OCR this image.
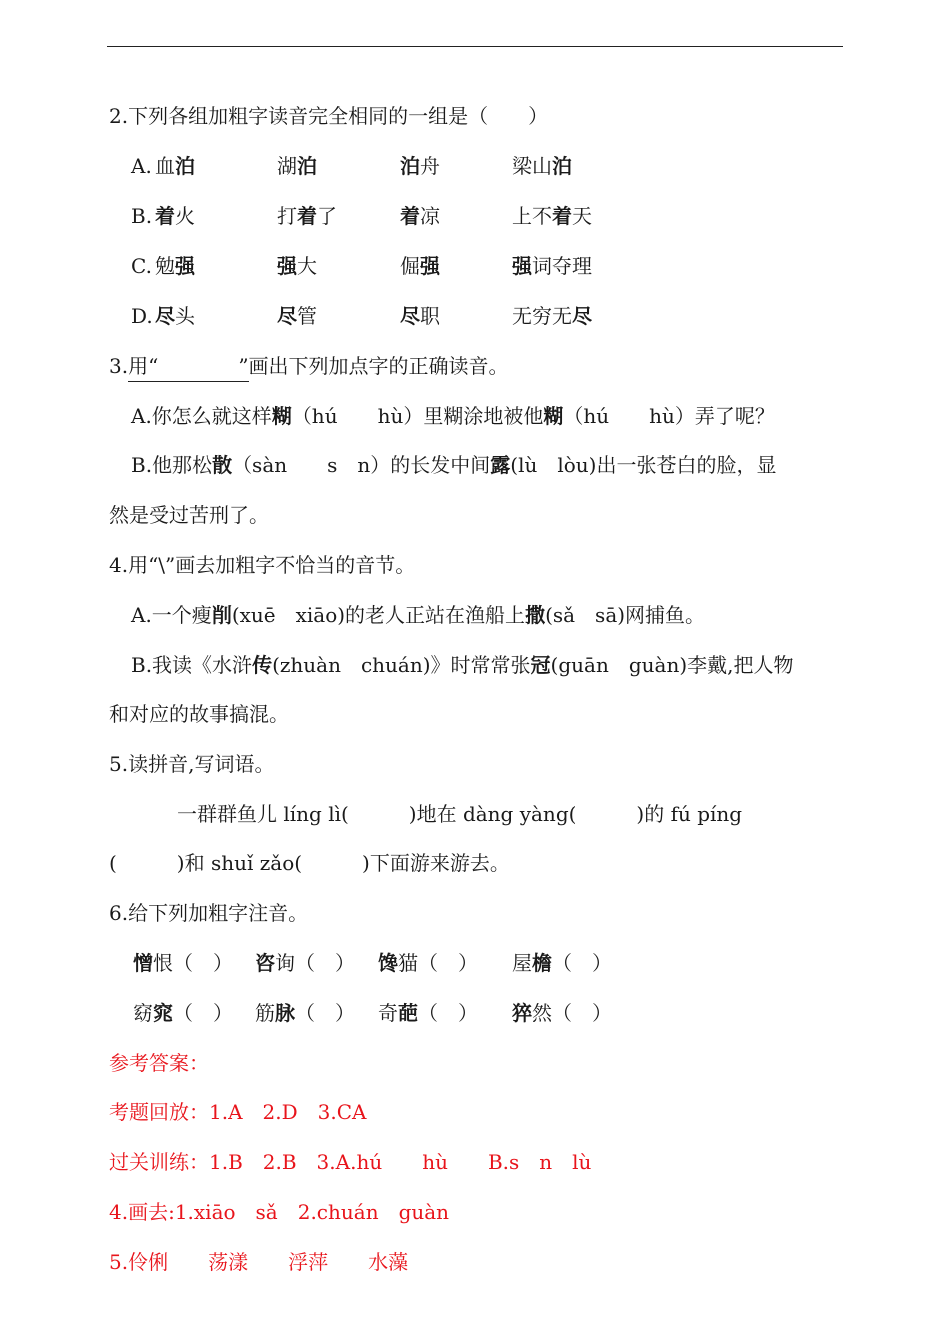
2.下列各组加粗字读音完全相同的一组是（　　）
A. 血泊	湖泊	泊舟	梁山泊
B. 着火	打着了	着凉	上不着天
C. 勉强	强大	倔强	强词夺理
D. 尽头	尽管	尽职	无穷无尽
3.用“　　　　”画出下列加点字的正确读音。
A.你怎么就这样糊（hú　　hù）里糊涂地被他糊（hú　　hù）弄了呢？
B.他那松散（sàn　　s　n）的长发中间露(lù　lòu)出一张苍白的脸，显
然是受过苦刑了。
4.用“\”画去加粗字不恰当的音节。
A.一个瘦削(xuē　xiāo)的老人正站在渔船上撒(sǎ　sā)网捕鱼。
B.我读《水浒传(zhuàn　chuán)》时常常张冠(guān　guàn)李戴,把人物
和对应的故事搞混。
5.读拼音,写词语。
一群群鱼儿 líng lì(　　　)地在 dàng yàng(　　　)的 fú píng
(　　　)和 shuǐ zǎo(　　　)下面游来游去。
6.给下列加粗字注音。
憎恨（　） 咨询（　） 馋猫（　） 屋檐（　）
窈窕（　） 筋脉（　） 奇葩（　） 猝然（　）
参考答案：
考题回放：1.A　2.D　3.CA
过关训练：1.B　2.B　3.A.hú　　hù　　B.s　n　lù
4.画去:1.xiāo　sǎ　2.chuán　guàn
5.伶俐　　荡漾　　浮萍　　水藻
